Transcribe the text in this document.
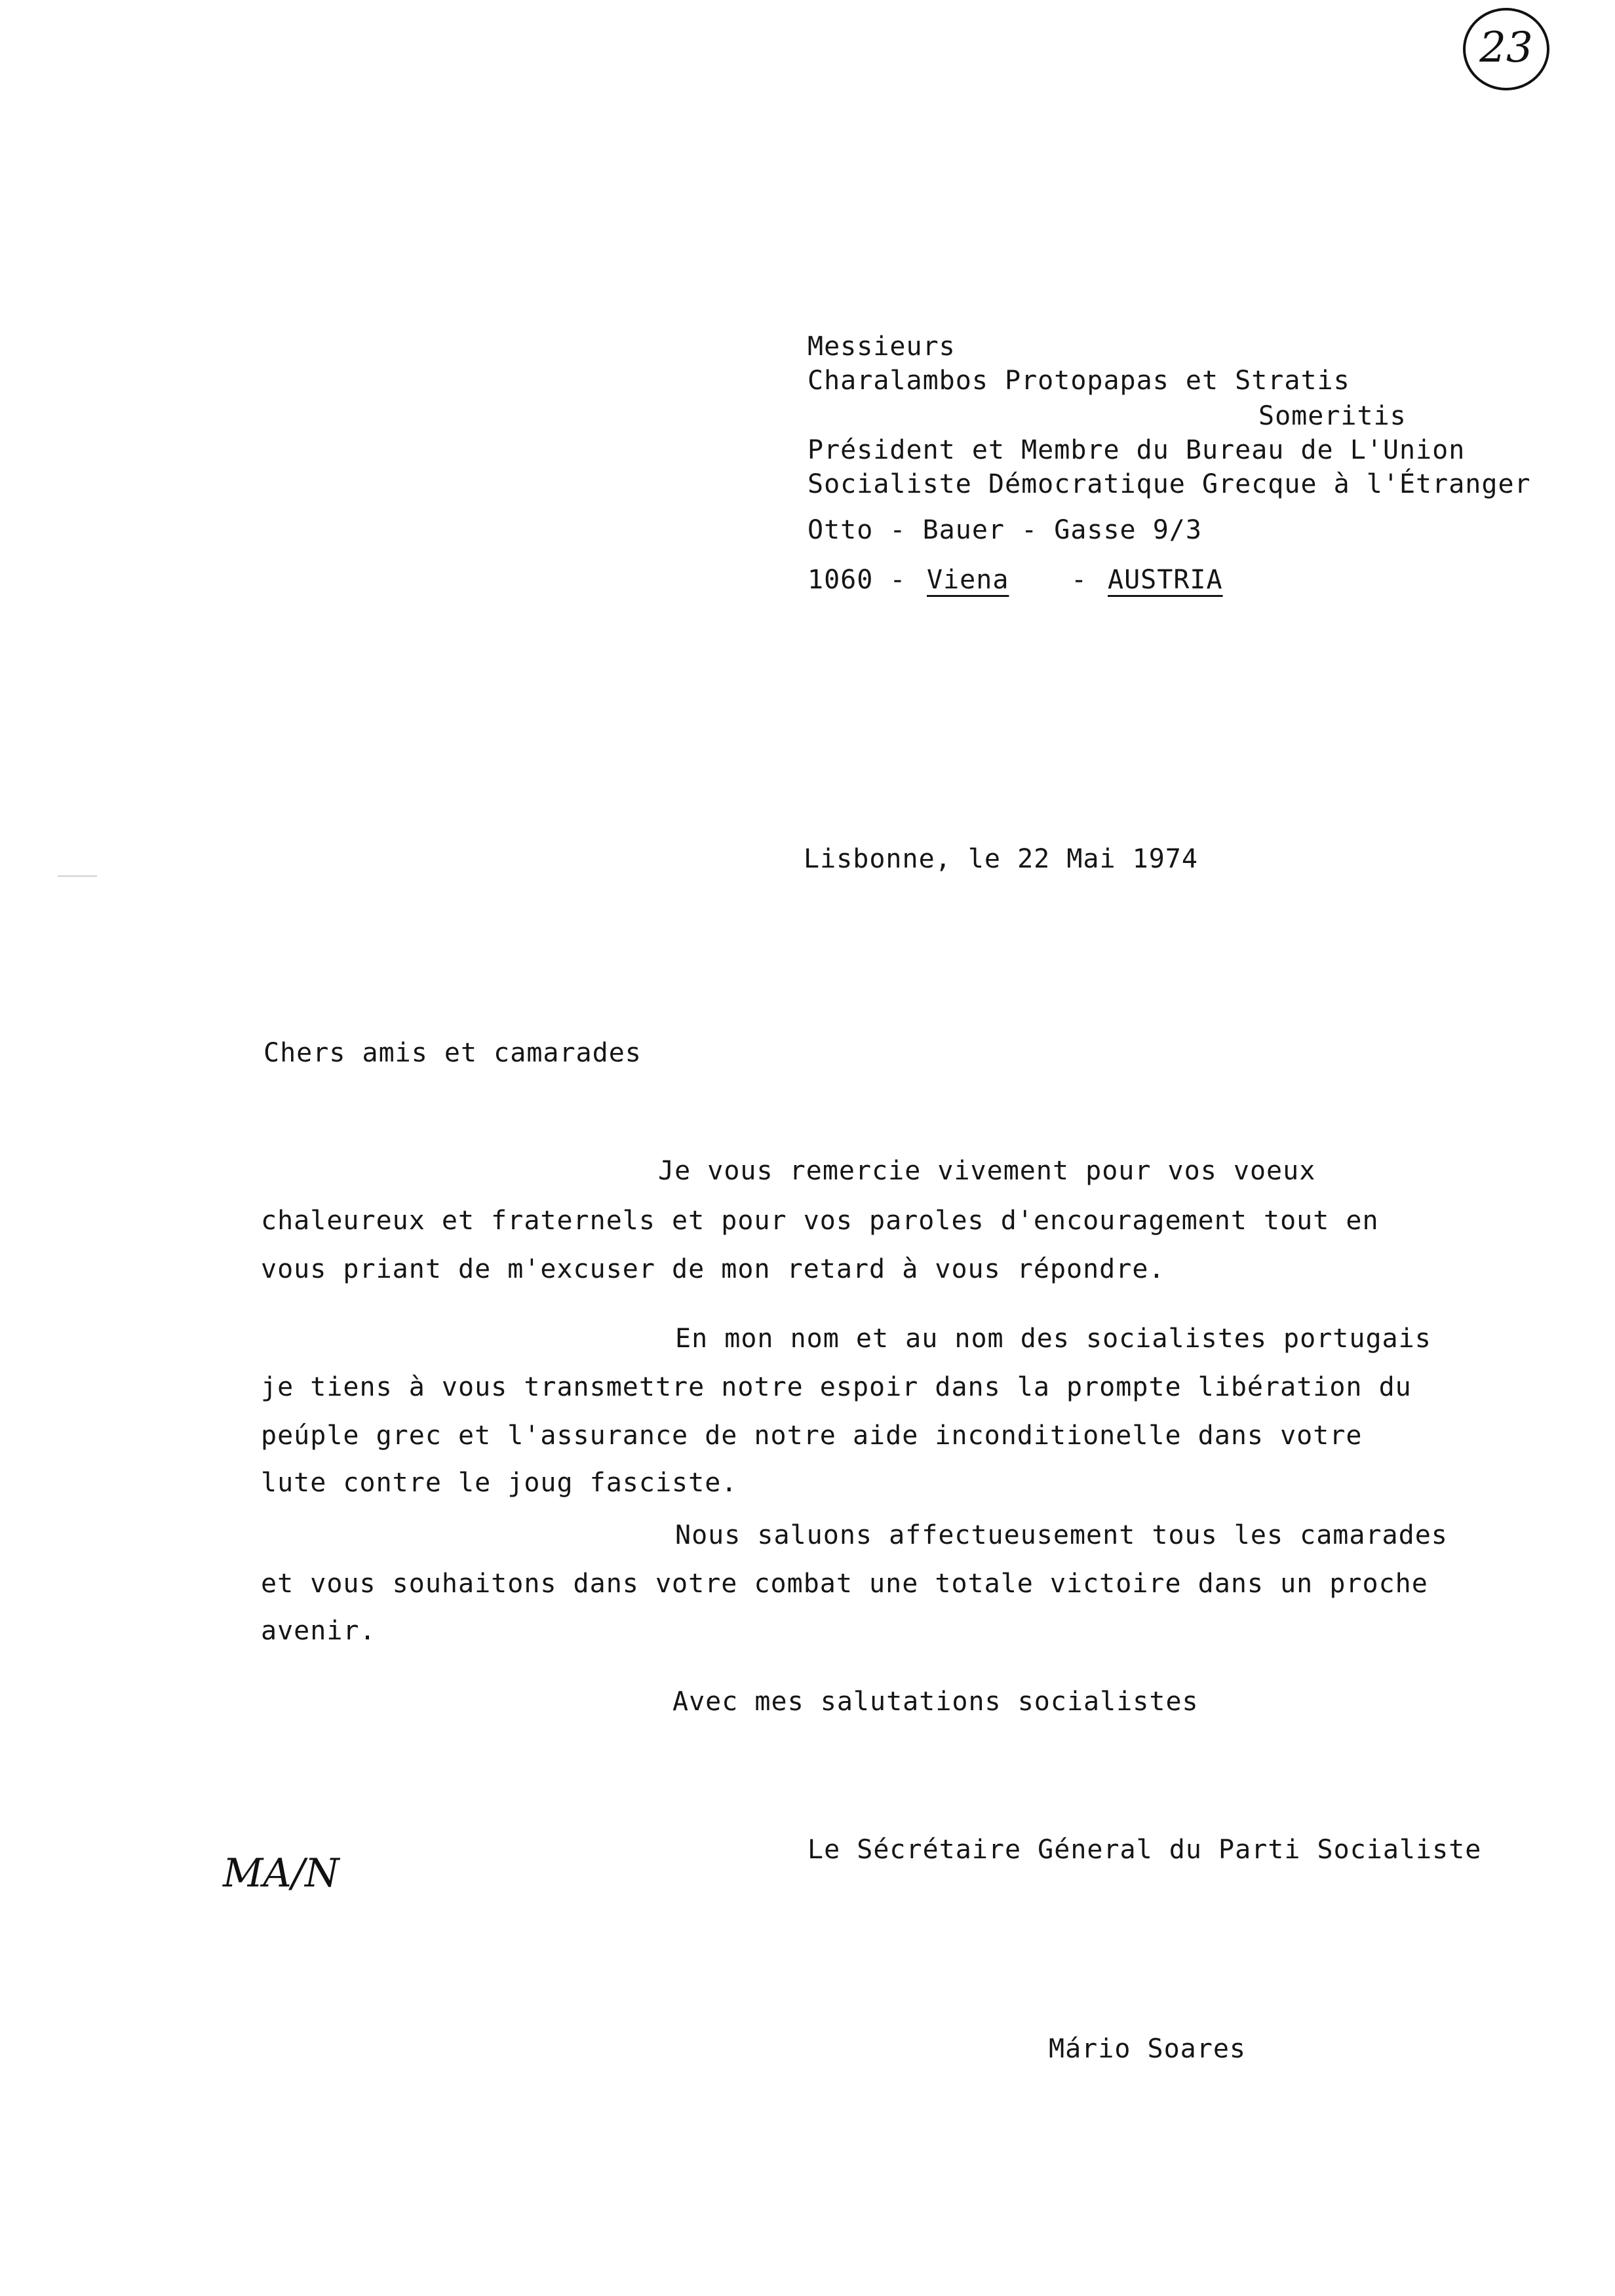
23
Messieurs
Charalambos Protopapas et Stratis
Someritis
Président et Membre du Bureau de L'Union
Socialiste Démocratique Grecque à l'Étranger
Otto - Bauer - Gasse 9/3
1060 - Viena - AUSTRIA
Lisbonne, le 22 Mai 1974
Chers amis et camarades
Je vous remercie vivement pour vos voeux
chaleureux et fraternels et pour vos paroles d'encouragement tout en
vous priant de m'excuser de mon retard à vous répondre.
En mon nom et au nom des socialistes portugais
je tiens à vous transmettre notre espoir dans la prompte libération du
peúple grec et l'assurance de notre aide inconditionelle dans votre
lute contre le joug fasciste.
Nous saluons affectueusement tous les camarades
et vous souhaitons dans votre combat une totale victoire dans un proche
avenir.
Avec mes salutations socialistes
MA/N
Le Sécrétaire Géneral du Parti Socialiste
Mário Soares
